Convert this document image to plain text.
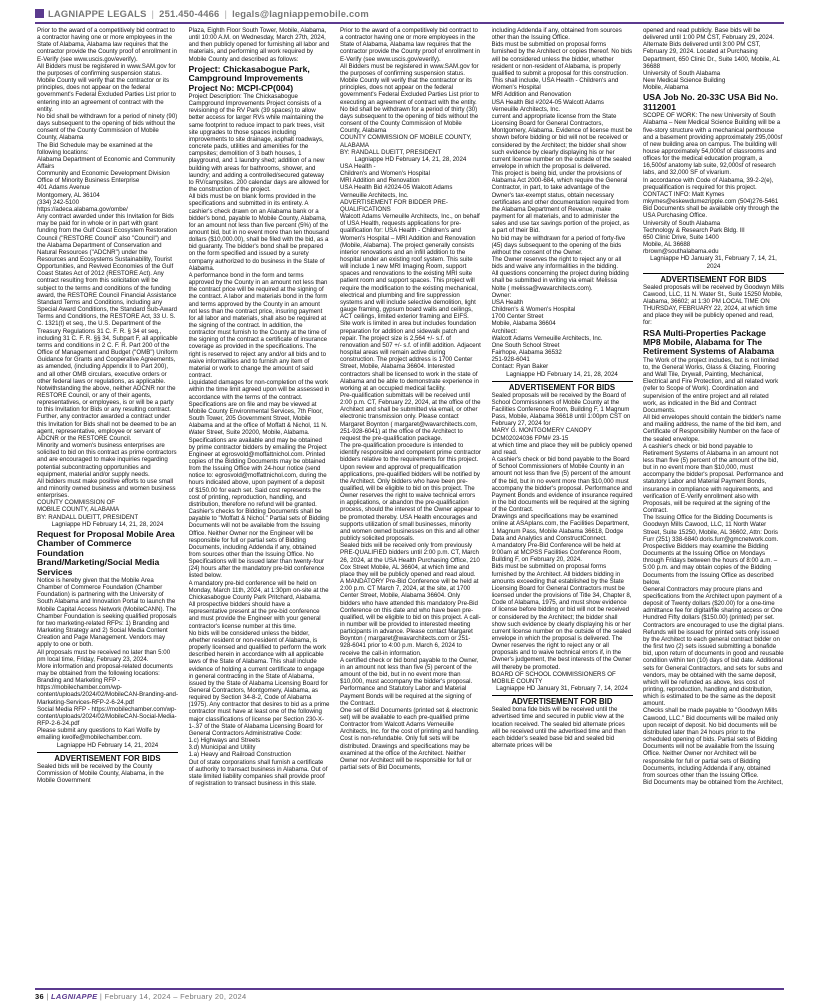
LAGNIAPPE LEGALS | 251.450-4466 | legals@lagniappemobile.com

Prior to the award of a competitively bid contract to a contractor having one or more employees in the State of Alabama, Alabama law requires that the contractor provide the County proof of enrollment in E-Verify (see www.uscis.gov/everify).

All Bidders must be registered in www.SAM.gov for the purposes of confirming suspension status. Mobile County will verify that the contractor or its principles, does not appear on the federal government's Federal Excluded Parties List prior to entering into an agreement of contract with the entity.

No bid shall be withdrawn for a period of ninety (90) days subsequent to the opening of bids without the consent of the County Commission of Mobile County, Alabama

The Bid Schedule may be examined at the following locations:

Alabama Department of Economic and Community Affairs

Community and Economic Development Division

Office of Minority Business Enterprise

401 Adams Avenue

Montgomery, AL 36104

(334) 242-5100

https://adeca.alabama.gov/ombe/

Any contract awarded under this Invitation for Bids may be paid for in whole or in part with grant funding from the Gulf Coast Ecosystem Restoration Council ("RESTORE Council" also "Council") and the Alabama Department of Conservation and Natural Resources ("ADCNR") under the Resources and Ecosystems Sustainability, Tourist Opportunities, and Revived Economies of the Gulf Coast States Act of 2012 (RESTORE Act). Any contract resulting from this solicitation will be subject to the terms and conditions of the funding award, the RESTORE Council Financial Assistance Standard Terms and Conditions, including any Special Award Conditions, the Standard Sub-Award Terms and Conditions, the RESTORE Act, 33 U. S. C. 1321(t) et seq., the U.S. Department of the Treasury Regulations 31 C. F. R. § 34 et seq., including 31 C. F. R. §§ 34, Subpart F, all applicable terms and conditions in 2 C. F. R. Part 200 of the Office of Management and Budget ("OMB") Uniform Guidance for Grants and Cooperative Agreements, as amended, (including Appendix II to Part 200), and all other OMB circulars, executive orders or other federal laws or regulations, as applicable. Notwithstanding the above, neither ADCNR nor the RESTORE Council, or any of their agents, representatives, or employees, is or will be a party to this Invitation for Bids or any resulting contract. Further, any contractor awarded a contract under this Invitation for Bids shall not be deemed to be an agent, representative, employee or servant of ADCNR or the RESTORE Council.

Minority and women's business enterprises are solicited to bid on this contract as prime contractors and are encouraged to make inquiries regarding potential subcontracting opportunities and equipment, material and/or supply needs.

All bidders must make positive efforts to use small and minority owned business and women business enterprises.

COUNTY COMMISSION OF

MOBILE COUNTY, ALABAMA

BY: RANDALL DUEITT, PRESIDENT

Lagniappe HD February 14, 21, 28, 2024

Request for Proposal Mobile Area Chamber of Commerce Foundation Brand/Marketing/Social Media Services

Notice is hereby given that the Mobile Area Chamber of Commerce Foundation (Chamber Foundation) is partnering with the University of South Alabama and Innovation Portal to launch the Mobile Capital Access Network (MobileCANN). The Chamber Foundation is seeking qualified proposals for two marketing-related RFPs: 1) Branding and Marketing Strategy and 2) Social Media Content Creation and Page Management. Vendors may apply to one or both.

All proposals must be received no later than 5:00 pm local time, Friday, February 23, 2024.

More information and proposal-related documents may be obtained from the following locations:

Branding and Marketing RFP - https://mobilechamber.com/wp-content/uploads/2024/02/MobileCAN-Branding-and-Marketing-Services-RFP-2-6-24.pdf

Social Media RFP - https://mobilechamber.com/wp-content/uploads/2024/02/MobileCAN-Social-Media-RFP-2-6-24.pdf

Please submit any questions to Kari Wolfe by emailing kwolfe@mobilechamber.com.

Lagniappe HD February 14, 21, 2024

ADVERTISEMENT FOR BIDS

Sealed bids will be received by the County Commission of Mobile County, Alabama, in the Mobile Government

Plaza, Eighth Floor South Tower, Mobile, Alabama, until 10:00 A.M. on Wednesday, March 27th, 2024, and then publicly opened for furnishing all labor and materials, and performing all work required by Mobile County and described as follows:

Project: Chickasabogue Park, Campground Improvements Project No: MCPI-CP(004)

Project Description: The Chickasabogue Campground Improvements Project consists of a revisioning of the RV Park (39 spaces) to allow better access for larger RVs while maintaining the same footprint to reduce impact to park trees, visit site upgrades to those spaces including improvements to site drainage, asphalt roadways, concrete pads, utilities and amenities for the campsites; demolition of 3 bath houses, 1 playground, and 1 laundry shed; addition of a new building with areas for bathrooms, shower, and laundry; and adding a controlled/secured gateway to RV/campsites. 200 calendar days are allowed for the construction of the project.

All bids must be on blank forms provided in the specifications and submitted in its entirety. A cashier's check drawn on an Alabama bank or a bidder's bond, payable to Mobile County, Alabama, for an amount not less than five percent (5%) of the amount bid, but in no event more than ten thousand dollars ($10,000.00), shall be filed with the bid, as a bid guaranty. The bidder's bond shall be prepared on the form specified and issued by a surety company authorized to do business in the State of Alabama.

A performance bond in the form and terms approved by the County in an amount not less than the contract price will be required at the signing of the contract. A labor and materials bond in the form and terms approved by the County in an amount not less than the contract price, insuring payment for all labor and materials, shall also be required at the signing of the contract. In addition, the contractor must furnish to the County at the time of the signing of the contract a certificate of insurance coverage as provided in the specifications. The right is reserved to reject any and/or all bids and to waive informalities and to furnish any item of material or work to change the amount of said contract.

Liquidated damages for non-completion of the work within the time limit agreed upon will be assessed in accordance with the terms of the contract.

Specifications are on file and may be viewed at Mobile County Environmental Services, 7th Floor, South Tower, 205 Government Street, Mobile Alabama and at the office of Moffatt & Nichol, 11 N. Water Street, Suite 20200, Mobile, Alabama. Specifications are available and may be obtained by prime contractor bidders by emailing the Project Engineer at egrosvold@moffattnichol.com. Printed copies of the Bidding Documents may be obtained from the Issuing Office with 24-hour notice (send notice to: egrosvold@moffattnichol.com, during the hours indicated above, upon payment of a deposit of $150.00 for each set. Said cost represents the cost of printing, reproduction, handling, and distribution, therefore no refund will be granted. Cashier's checks for Bidding Documents shall be payable to "Moffatt & Nichol." Partial sets of Bidding Documents will not be available from the Issuing Office. Neither Owner nor the Engineer will be responsible for full or partial sets of Bidding Documents, including Addenda if any, obtained from sources other than the Issuing Office. No Specifications will be issued later than twenty-four (24) hours after the mandatory pre-bid conference listed below.

A mandatory pre-bid conference will be held on Monday, March 11th, 2024, at 1:30pm on-site at the Chickasabogue County Park Pritchard, Alabama. All prospective bidders should have a representative present at the pre-bid conference and must provide the Engineer with your general contractor's license number at this time.

No bids will be considered unless the bidder, whether resident or non-resident of Alabama, is properly licensed and qualified to perform the work described herein in accordance with all applicable laws of the State of Alabama. This shall include evidence of holding a current certificate to engage in general contracting in the State of Alabama, issued by the State of Alabama Licensing Board for General Contractors, Montgomery, Alabama, as required by Section 34-8-2, Code of Alabama (1975). Any contractor that desires to bid as a prime contractor must have at least one of the following major classifications of license per Section 230-X-1-.37 of the State of Alabama Licensing Board for General Contractors Administrative Code:

1.c) Highways and Streets

3.d) Municipal and Utility

1.a) Heavy and Railroad Construction

Out of state corporations shall furnish a certificate of authority to transact business in Alabama. Out of state limited liability companies shall provide proof of registration to transact business in this state.

Prior to the award of a competitively bid contract to a contractor having one or more employees in the State of Alabama, Alabama law requires that the contractor provide the County proof of enrollment in E-Verify (see www.uscis.gov/everify).

All Bidders must be registered in www.SAM.gov for the purposes of confirming suspension status. Mobile County will verify that the contractor or its principles, does not appear on the federal government's Federal Excluded Parties List prior to executing an agreement of contract with the entity.

No bid shall be withdrawn for a period of thirty (30) days subsequent to the opening of bids without the consent of the County Commission of Mobile County, Alabama

COUNTY COMMISSION OF MOBILE COUNTY, ALABAMA

BY: RANDALL DUEITT, PRESIDENT

Lagniappe HD February 14, 21, 28, 2024

USA Health -

Children's and Women's Hospital

MRI Addition and Renovation

USA Health Bid #2024-05 Walcott Adams Verneuille Architects, Inc.

ADVERTISEMENT FOR BIDDER PRE-QUALIFICATIONS

Walcott Adams Verneuille Architects, Inc., on behalf of USA Health, requests applications for pre-qualification for: USA Health - Children's and Women's Hospital – MRI Addition and Renovation (Mobile, Alabama). The project generally consists interior renovations and an infill addition to the hospital under an existing roof system. This suite will include 1 new MRI Imaging Room, support spaces and renovations to the existing MRI suite patient room and support spaces. This project will require the modification to the existing mechanical, electrical and plumbing and fire suppression systems and will include selective demolition, light gauge framing, gypsum board walls and ceilings, ACT ceilings, limited exterior framing and EIFS. Site work is limited in area but includes foundation preparation for addition and sidewalk patch and repair. The project size is 2,564 +/- s.f. of renovation and 507 +/- s.f. of infill addition. Adjacent hospital areas will remain active during construction. The project address is 1700 Center Street, Mobile, Alabama 36604. Interested contractors shall be licensed to work in the state of Alabama and be able to demonstrate experience in working at an occupied medical facility.

Pre-qualification submittals will be received until 2:00 p.m. CT, February 22, 2024, at the office of the Architect and shall be submitted via email, or other electronic transmission only. Please contact Margaret Boynton ( margaret@wavarchitects.com, 251-928-6041) at the office of the Architect to request the pre-qualification package.

The pre-qualification procedure is intended to identify responsible and competent prime contractor bidders relative to the requirements for this project. Upon review and approval of prequalification applications, pre-qualified bidders will be notified by the Architect. Only bidders who have been pre-qualified, will be eligible to bid on this project. The Owner reserves the right to waive technical errors in applications, or abandon the pre-qualification process, should the interest of the Owner appear to be promoted thereby. USA Health encourages and supports utilization of small businesses, minority and women owned businesses on this and all other publicly solicited proposals.

Sealed bids will be received only from previously PRE-QUALIFIED bidders until 2:00 p.m. CT, March 26, 2024, at the USA Health Purchasing Office, 210 Cox Street Mobile, AL 36604, at which time and place they will be publicly opened and read aloud.

A MANDATORY Pre-Bid Conference will be held at 2:00 p.m. CT March 7, 2024, at the site, at 1700 Center Street, Mobile, Alabama 36604. Only bidders who have attended this mandatory Pre-Bid Conference on this date and who have been pre-qualified, will be eligible to bid on this project. A call-in number will be provided to interested meeting participants in advance. Please contact Margaret Boynton ( margaret@wavarchitects.com or 251-928-6041 prior to 4:00 p.m. March 6, 2024 to receive the call-in information.

A certified check or bid bond payable to the Owner, in an amount not less than five (5) percent of the amount of the bid, but in no event more than $10,000, must accompany the bidder's proposal. Performance and Statutory Labor and Material Payment Bonds will be required at the signing of the Contract.

One set of Bid Documents (printed set & electronic set) will be available to each pre-qualified prime Contractor from Walcott Adams Verneuille Architects, Inc. for the cost of printing and handling. Cost is non-refundable. Only full sets will be distributed. Drawings and specifications may be examined at the office of the Architect. Neither Owner nor Architect will be responsible for full or partial sets of Bid Documents,

including Addenda if any, obtained from sources other than the Issuing Office.

Bids must be submitted on proposal forms furnished by the Architect or copies thereof. No bids will be considered unless the bidder, whether resident or non-resident of Alabama, is properly qualified to submit a proposal for this construction. This shall include, USA Health - Children's and Women's Hospital

MRI Addition and Renovation

USA Health Bid #2024-05 Walcott Adams Verneuille Architects, Inc.

current and appropriate license from the State Licensing Board for General Contractors, Montgomery, Alabama. Evidence of license must be shown before bidding or bid will not be received or considered by the Architect; the bidder shall show such evidence by clearly displaying his or her current license number on the outside of the sealed envelope in which the proposal is delivered.

This project is being bid, under the provisions of Alabama Act 2000-684, which require the General Contractor, in part, to take advantage of the Owner's tax-exempt status, obtain necessary certificates and other documentation required from the Alabama Department of Revenue, make payment for all materials, and to administer the sales and use tax savings portion of the project, as a part of their Bid.

No bid may be withdrawn for a period of forty-five (45) days subsequent to the opening of the bids without the consent of the Owner.

The Owner reserves the right to reject any or all bids and waive any informalities in the bidding.

All questions concerning the project during bidding shall be submitted in writing via email: Melissa Nolte ( melissa@wavarchitects.com).

Owner:

USA Health

Children's & Women's Hospital

1700 Center Street

Mobile, Alabama 36604

Architect:

Walcott Adams Verneuille Architects, Inc.

One South School Street

Fairhope, Alabama 36532

251-928-6041

Contact: Ryan Baker

Lagniappe HD February 14, 21, 28, 2024

ADVERTISEMENT FOR BIDS

Sealed proposals will be received by the Board of School Commissioners of Mobile County at the Facilities Conference Room, Building F, 1 Magnum Pass, Mobile, Alabama 36618 until 1:00pm CST on February 27, 2024 for

MARY G. MONTGOMERY CANOPY

DCM02024036 FPM# 23-15

at which time and place they will be publicly opened and read.

A cashier's check or bid bond payable to the Board of School Commissioners of Mobile County in an amount not less than five (5) percent of the amount of the bid, but in no event more than $10,000 must accompany the bidder's proposal. Performance and Payment Bonds and evidence of insurance required in the bid documents will be required at the signing of the Contract.

Drawings and specifications may be examined online at ASAplans.com, the Facilities Department, 1 Magnum Pass, Mobile Alabama 36618, Dodge Data and Analytics and ConstructConnect.

A mandatory Pre-Bid Conference will be held at 9:00am at MCPSS Facilities Conference Room, Building F, on February 20, 2024.

Bids must be submitted on proposal forms furnished by the Architect. All bidders bidding in amounts exceeding that established by the State Licensing Board for General Contractors must be licensed under the provisions of Title 34, Chapter 8, Code of Alabama, 1975, and must show evidence of license before bidding or bid will not be received or considered by the Architect; the bidder shall show such evidence by clearly displaying his or her current license number on the outside of the sealed envelope in which the proposal is delivered. The Owner reserves the right to reject any or all proposals and to waive technical errors if, in the Owner's judgement, the best interests of the Owner will thereby be promoted.

BOARD OF SCHOOL COMMISSIONERS OF MOBILE COUNTY

Lagniappe HD January 31, February 7, 14, 2024

ADVERTISEMENT FOR BID

Sealed bona fide bids will be received until the advertised time and secured in public view at the location received. The sealed bid alternate prices will be received until the advertised time and then each bidder's sealed base bid and sealed bid alternate prices will be

opened and read publicly. Base bids will be delivered until 1:00 PM CST, February 29, 2024. Alternate Bids delivered until 3:00 PM CST, February 29, 2024. Located at Purchasing Department, 650 Clinic Dr., Suite 1400, Mobile, AL 36688

University of South Alabama

New Medical Science Building

Mobile, Alabama

USA Job No. 20-33C USA Bid No. 3112001

SCOPE OF WORK: The new University of South Alabama – New Medical Science Building will be a five-story structure with a mechanical penthouse and a basement providing approximately 295,000sf of new building area on campus. The building will house approximately 54,000sf of classrooms and offices for the medical education program, a 16,500sf anatomy lab suite, 92,000sf of research labs, and 32,000 SF of vivarium.

In accordance with Code of Alabama, 39-2-2(e), prequalification is required for this project.

CONTACT INFO: Matt Kymes mkymes@eskewdumezripple.com (504)276-5461

Bid Documents shall be available only through the USA Purchasing Office.

University of South Alabama

Technology & Research Park Bldg. III

650 Clinic Drive, Suite 1400

Mobile, AL 36688

rbrown@southalabama.edu

Lagniappe HD January 31, February 7, 14, 21, 2024

ADVERTISEMENT FOR BIDS

Sealed proposals will be received by Goodwyn Mills Cawood, LLC, 11 N. Water St., Suite 15250 Mobile, Alabama, 36602; at 1:30 PM LOCAL TIME ON THURSDAY, FEBRUARY 22, 2024, at which time and place they will be publicly opened and read, for:

RSA Multi-Properties Package MP8 Mobile, Alabama for The Retirement Systems of Alabama

The Work of the project includes, but is not limited to, the General Works, Glass & Glazing, Flooring and Wall Tile, Drywall, Painting, Mechanical, Electrical and Fire Protection, and all related work (refer to Scope of Work). Coordination and supervision of the entire project and all related work, as indicated in the Bid and Contract Documents.

All bid envelopes should contain the bidder's name and mailing address, the name of the bid item, and Certificate of Responsibility Number on the face of the sealed envelope.

A cashier's check or bid bond payable to Retirement Systems of Alabama in an amount not less than five (5) percent of the amount of the bid, but in no event more than $10,000, must accompany the bidder's proposal. Performance and statutory Labor and Material Payment Bonds, insurance in compliance with requirements, and verification of E-Verify enrollment also with Proposals, will be required at the signing of the Contract.

The Issuing Office for the Bidding Documents is Goodwyn Mills Cawood, LLC, 11 North Water Street, Suite 15250, Mobile, AL 36602, Attn: Doris Furr (251) 338-6840 doris.furr@gmcnetwork.com. Prospective Bidders may examine the Bidding Documents at the Issuing Office on Mondays through Fridays between the hours of 8:00 a.m. – 5:00 p.m. and may obtain copies of the Bidding Documents from the Issuing Office as described below.

General Contractors may procure plans and specifications from the Architect upon payment of a deposit of Twenty dollars ($20.00) for a one-time admittance fee for digital/file sharing access or One Hundred Fifty dollars ($150.00) (printed) per set. Contractors are encouraged to use the digital plans. Refunds will be issued for printed sets only issued by the Architect to each general contract bidder on the first two (2) sets issued submitting a bonafide bid, upon return of documents in good and reusable condition within ten (10) days of bid date. Additional sets for General Contractors, and sets for subs and vendors, may be obtained with the same deposit, which will be refunded as above, less cost of printing, reproduction, handling and distribution, which is estimated to be the same as the deposit amount.

Checks shall be made payable to "Goodwyn Mills Cawood, LLC." Bid documents will be mailed only upon receipt of deposit. No bid documents will be distributed later than 24 hours prior to the scheduled opening of bids. Partial sets of Bidding Documents will not be available from the Issuing Office. Neither Owner nor Architect will be responsible for full or partial sets of Bidding Documents, including Addenda if any, obtained from sources other than the Issuing Office.

Bid Documents may be obtained from the Architect,

36 | LAGNIAPPE | February 14, 2024 – February 20, 2024
